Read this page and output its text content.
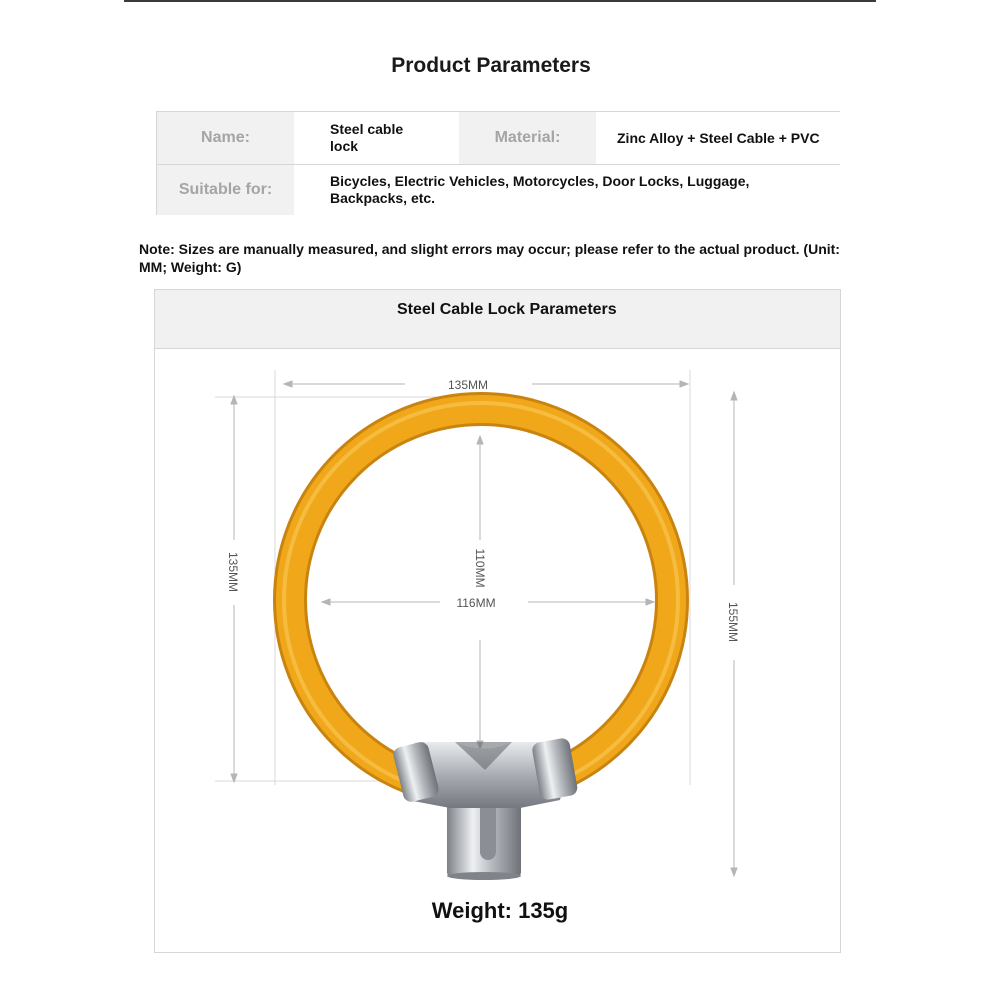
Product Parameters
Name:	Steel cable lock	Material:	Zinc Alloy + Steel Cable + PVC
Suitable for:	Bicycles, Electric Vehicles, Motorcycles, Door Locks, Luggage, Backpacks, etc.
Note: Sizes are manually measured, and slight errors may occur; please refer to the actual product. (Unit: MM; Weight: G)
Steel Cable Lock Parameters
135MM
135MM	110MM
116MM	155MM
Weight: 135g
